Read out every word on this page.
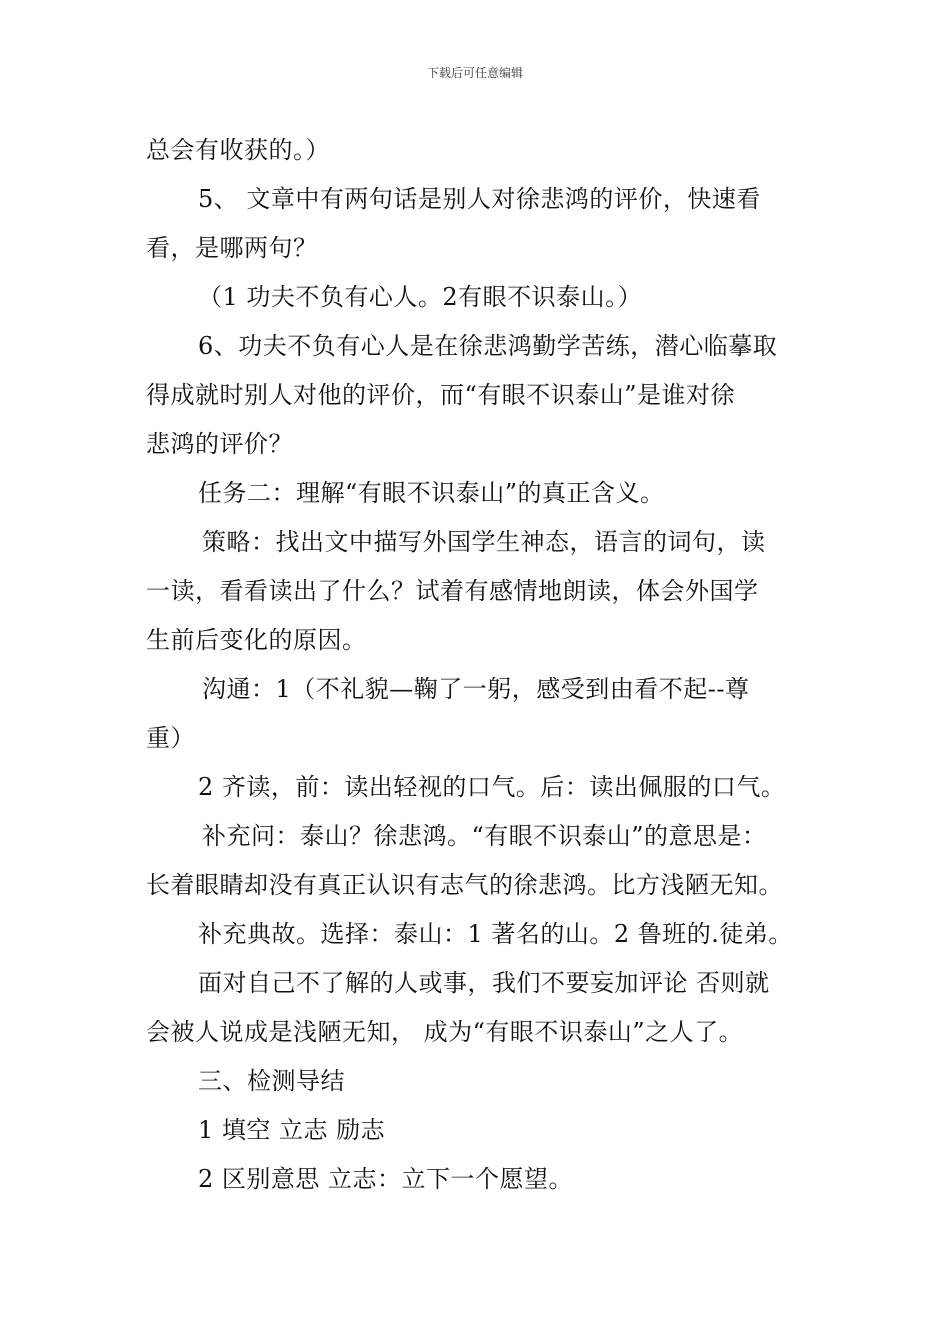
下载后可任意编辑
总会有收获的。）
5、 文章中有两句话是别人对徐悲鸿的评价，快速看
看，是哪两句？
（1 功夫不负有心人。2有眼不识泰山。）
6、功夫不负有心人是在徐悲鸿勤学苦练，潜心临摹取
得成就时别人对他的评价，而“有眼不识泰山”是谁对徐
悲鸿的评价？
任务二：理解“有眼不识泰山”的真正含义。
策略：找出文中描写外国学生神态，语言的词句，读
一读，看看读出了什么？试着有感情地朗读，体会外国学
生前后变化的原因。
沟通：1（不礼貌—鞠了一躬，感受到由看不起--尊
重）
2 齐读，前：读出轻视的口气。后：读出佩服的口气。
补充问：泰山？徐悲鸿。“有眼不识泰山”的意思是：
长着眼睛却没有真正认识有志气的徐悲鸿。比方浅陋无知。
补充典故。选择：泰山：1 著名的山。2 鲁班的.徒弟。
面对自己不了解的人或事，我们不要妄加评论 否则就
会被人说成是浅陋无知， 成为“有眼不识泰山”之人了。
三、检测导结
1 填空 立志 励志
2 区别意思 立志：立下一个愿望。
